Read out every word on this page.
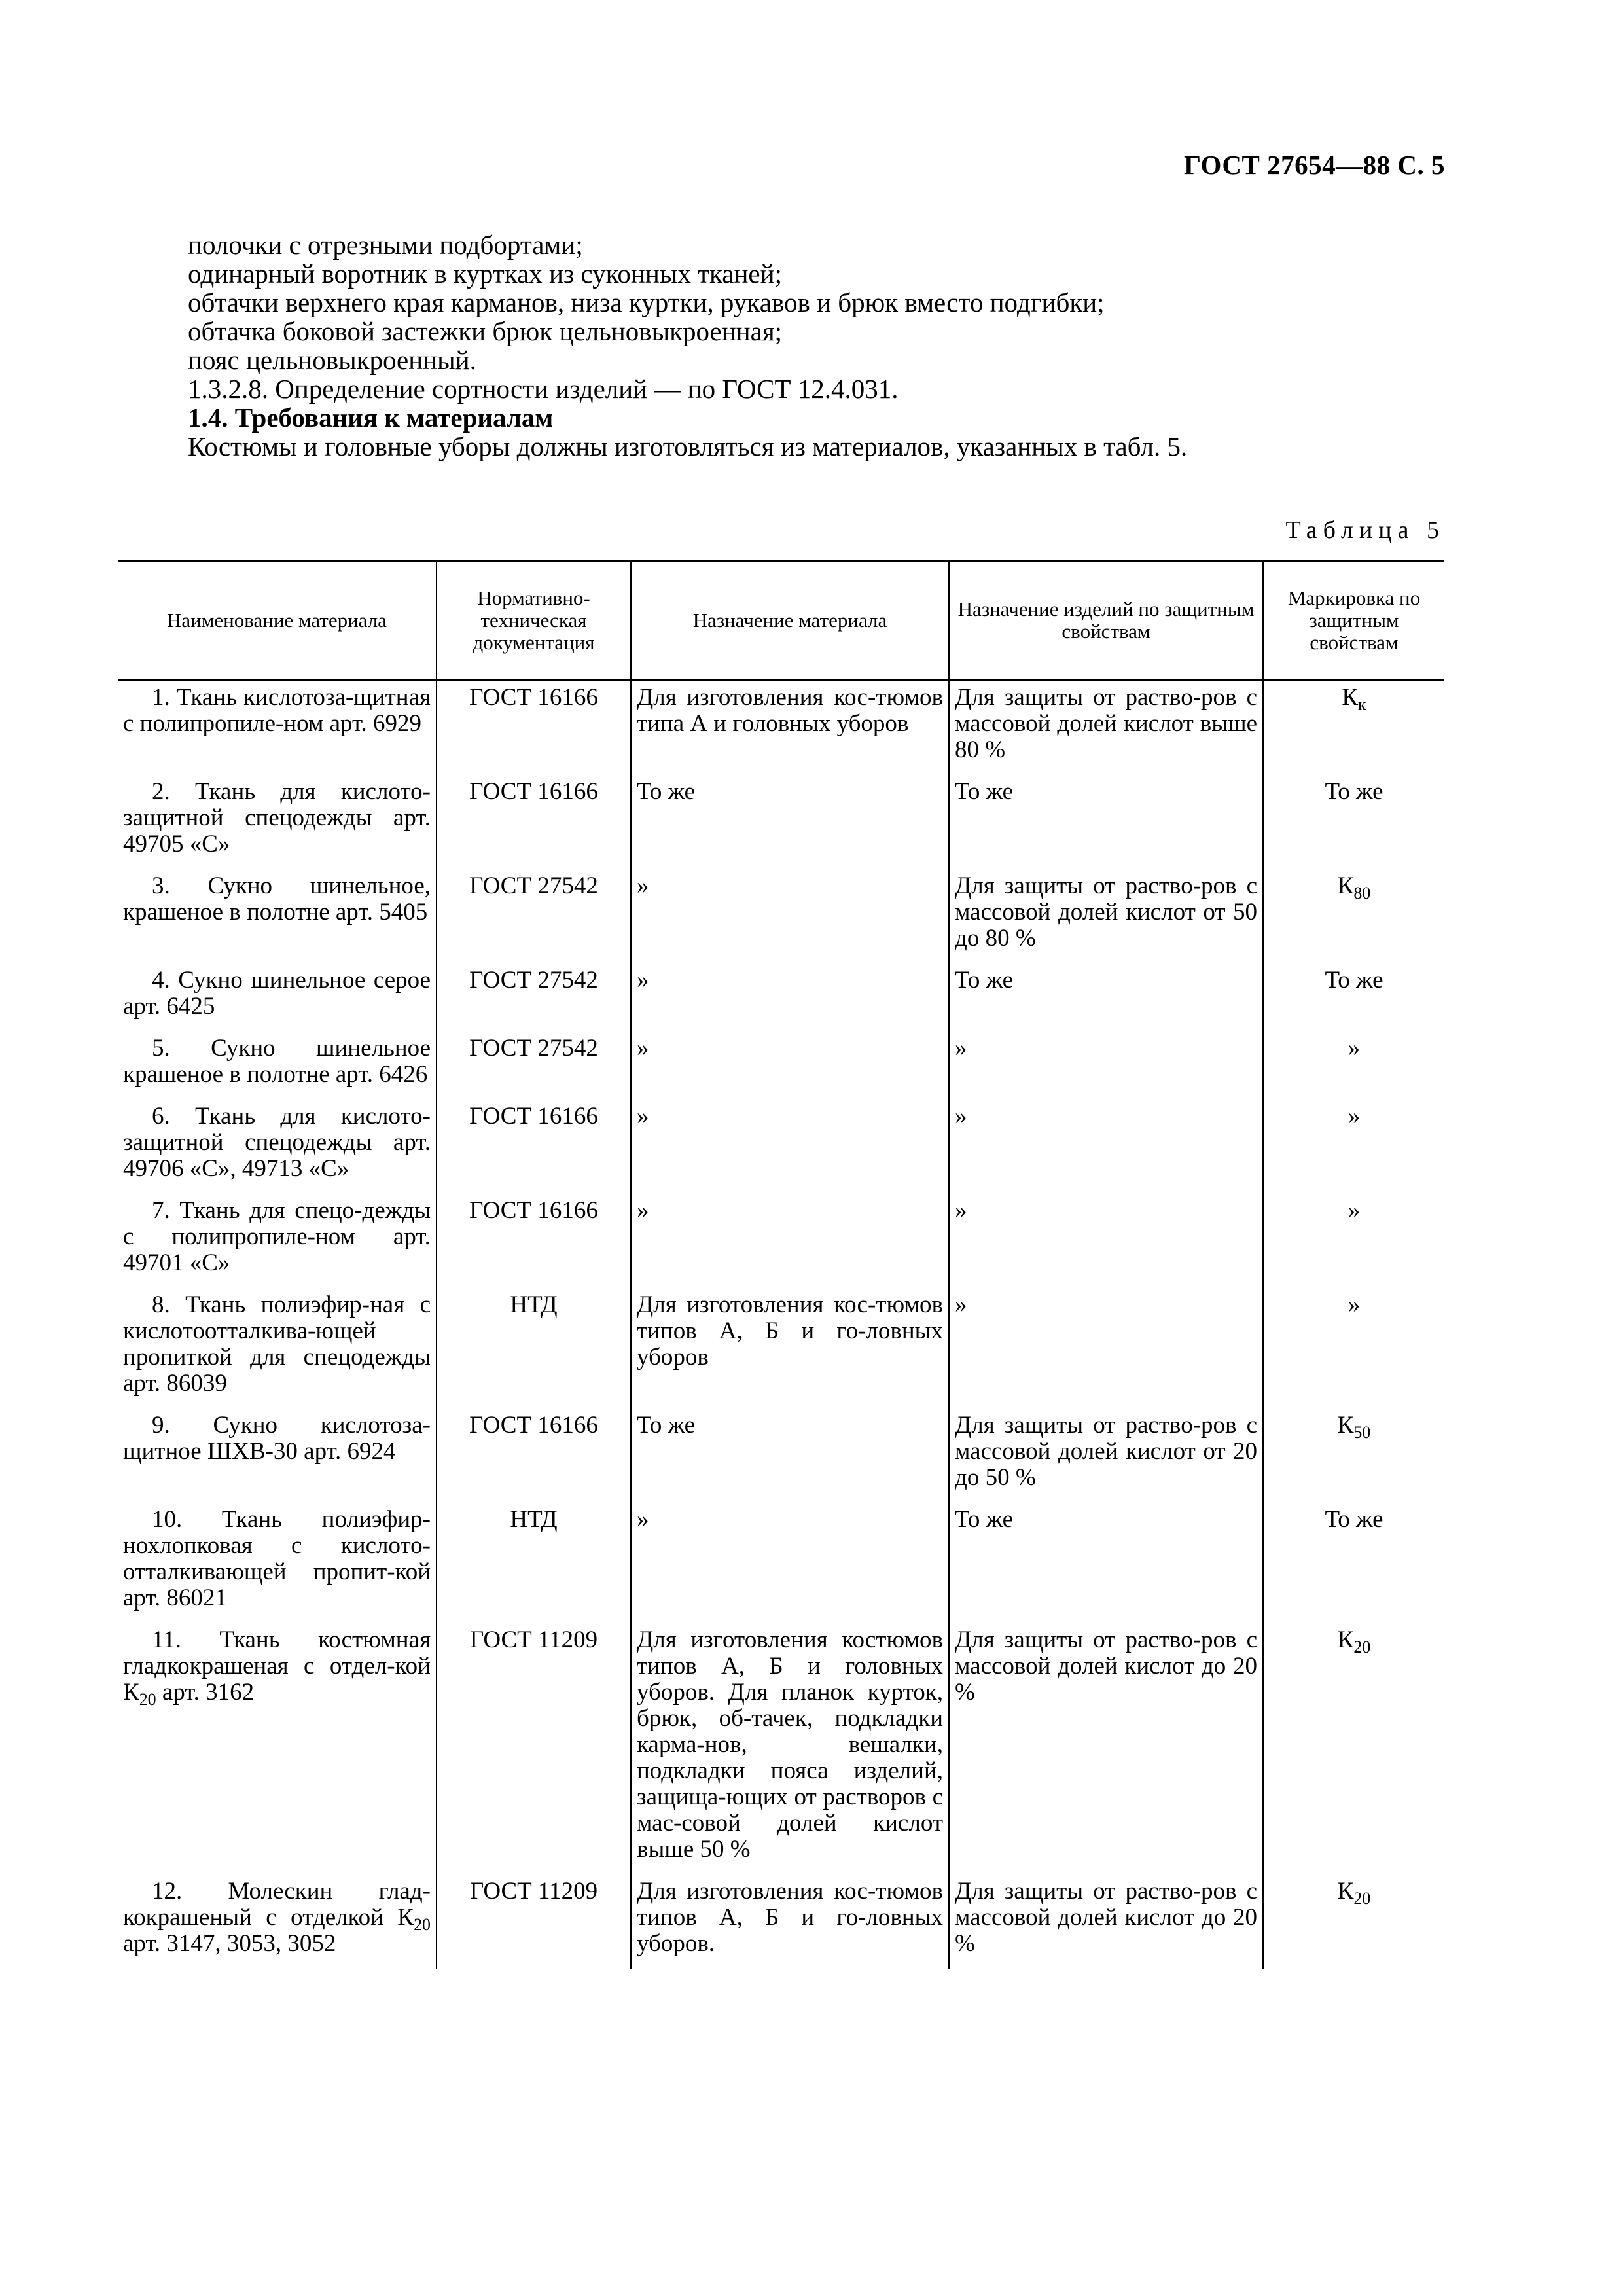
ГОСТ 27654—88 С. 5
полочки с отрезными подбортами;
одинарный воротник в куртках из суконных тканей;
обтачки верхнего края карманов, низа куртки, рукавов и брюк вместо подгибки;
обтачка боковой застежки брюк цельновыкроенная;
пояс цельновыкроенный.
1.3.2.8. Определение сортности изделий — по ГОСТ 12.4.031.
1.4. Требования к материалам
Костюмы и головные уборы должны изготовляться из материалов, указанных в табл. 5.
Таблица 5
Наименование материала	Нормативно-техническая документация	Назначение материала	Назначение изделий по защитным свойствам	Маркировка по защитным свойствам

1. Ткань кислотоза-щитная с полипропиле-ном арт. 6929	ГОСТ 16166	Для изготовления кос-тюмов типа А и головных уборов	Для защиты от раство-ров с массовой долей кислот выше 80 %	$К_к$

2. Ткань для кислото-защитной спецодежды арт. 49705 «С»	ГОСТ 16166	То же	То же	То же

3. Сукно шинельное, крашеное в полотне арт. 5405	ГОСТ 27542	»	Для защиты от раство-ров с массовой долей кислот от 50 до 80 %	$К_{80}$

4. Сукно шинельное серое арт. 6425	ГОСТ 27542	»	То же	То же

5. Сукно шинельное крашеное в полотне арт. 6426	ГОСТ 27542	»	»	»

6. Ткань для кислото-защитной спецодежды арт. 49706 «С», 49713 «С»	ГОСТ 16166	»	»	»

7. Ткань для спецо-дежды с полипропиле-ном арт. 49701 «С»	ГОСТ 16166	»	»	»

8. Ткань полиэфир-ная с кислотоотталкива-ющей пропиткой для спецодежды арт. 86039	НТД	Для изготовления кос-тюмов типов А, Б и го-ловных уборов	»	»

9. Сукно кислотоза-щитное ШХВ-30 арт. 6924	ГОСТ 16166	То же	Для защиты от раство-ров с массовой долей кислот от 20 до 50 %	$К_{50}$

10. Ткань полиэфир-нохлопковая с кислото-отталкивающей пропит-кой арт. 86021	НТД	»	То же	То же

11. Ткань костюмная гладкокрашеная с отдел-кой $К_{20}$ арт. 3162	ГОСТ 11209	Для изготовления костюмов типов А, Б и головных уборов. Для планок курток, брюк, об-тачек, подкладки карма-нов, вешалки, подкладки пояса изделий, защища-ющих от растворов с мас-совой долей кислот выше 50 %	Для защиты от раство-ров с массовой долей кислот до 20 %	$К_{20}$

12. Молескин глад-кокрашеный с отделкой $К_{20}$ арт. 3147, 3053, 3052	ГОСТ 11209	Для изготовления кос-тюмов типов А, Б и го-ловных уборов.	Для защиты от раство-ров с массовой долей кислот до 20 %	$К_{20}$
